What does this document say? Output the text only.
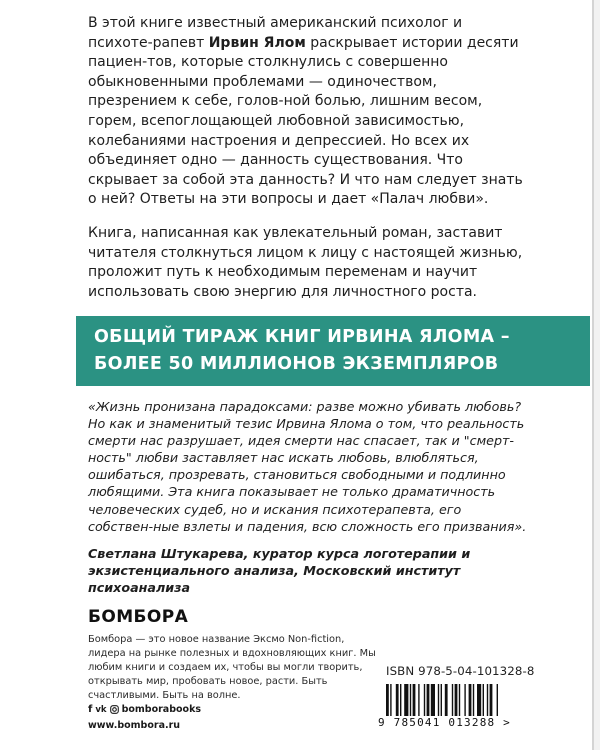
В этой книге известный американский психолог и психоте-рапевт Ирвин Ялом раскрывает истории десяти пациен-тов, которые столкнулись с совершенно обыкновенными проблемами — одиночеством, презрением к себе, голов-ной болью, лишним весом, горем, всепоглощающей любовной зависимостью, колебаниями настроения и депрессией. Но всех их объединяет одно — данность существования. Что скрывает за собой эта данность? И что нам следует знать о ней? Ответы на эти вопросы и дает «Палач любви».

Книга, написанная как увлекательный роман, заставит читателя столкнуться лицом к лицу с настоящей жизнью, проложит путь к необходимым переменам и научит использовать свою энергию для личностного роста.

ОБЩИЙ ТИРАЖ КНИГ ИРВИНА ЯЛОМА –
БОЛЕЕ 50 МИЛЛИОНОВ ЭКЗЕМПЛЯРОВ

«Жизнь пронизана парадоксами: разве можно убивать любовь? Но как и знаменитый тезис Ирвина Ялома о том, что реальность смерти нас разрушает, идея смерти нас спасает, так и "смерт-ность" любви заставляет нас искать любовь, влюбляться, ошибаться, прозревать, становиться свободными и подлинно любящими. Эта книга показывает не только драматичность человеческих судеб, но и искания психотерапевта, его собствен-ные взлеты и падения, всю сложность его призвания».

Светлана Штукарева, куратор курса логотерапии и экзистенциального анализа, Московский институт психоанализа

БОМБОРА

Бомбора — это новое название Эксмо Non-fiction, лидера на рынке полезных и вдохновляющих книг. Мы любим книги и создаем их, чтобы вы могли творить, открывать мир, пробовать новое, расти. Быть счастливыми. Быть на волне.

f vk bomborabooks
www.bombora.ru
ISBN 978-5-04-101328-8
9 785041 013288 >
